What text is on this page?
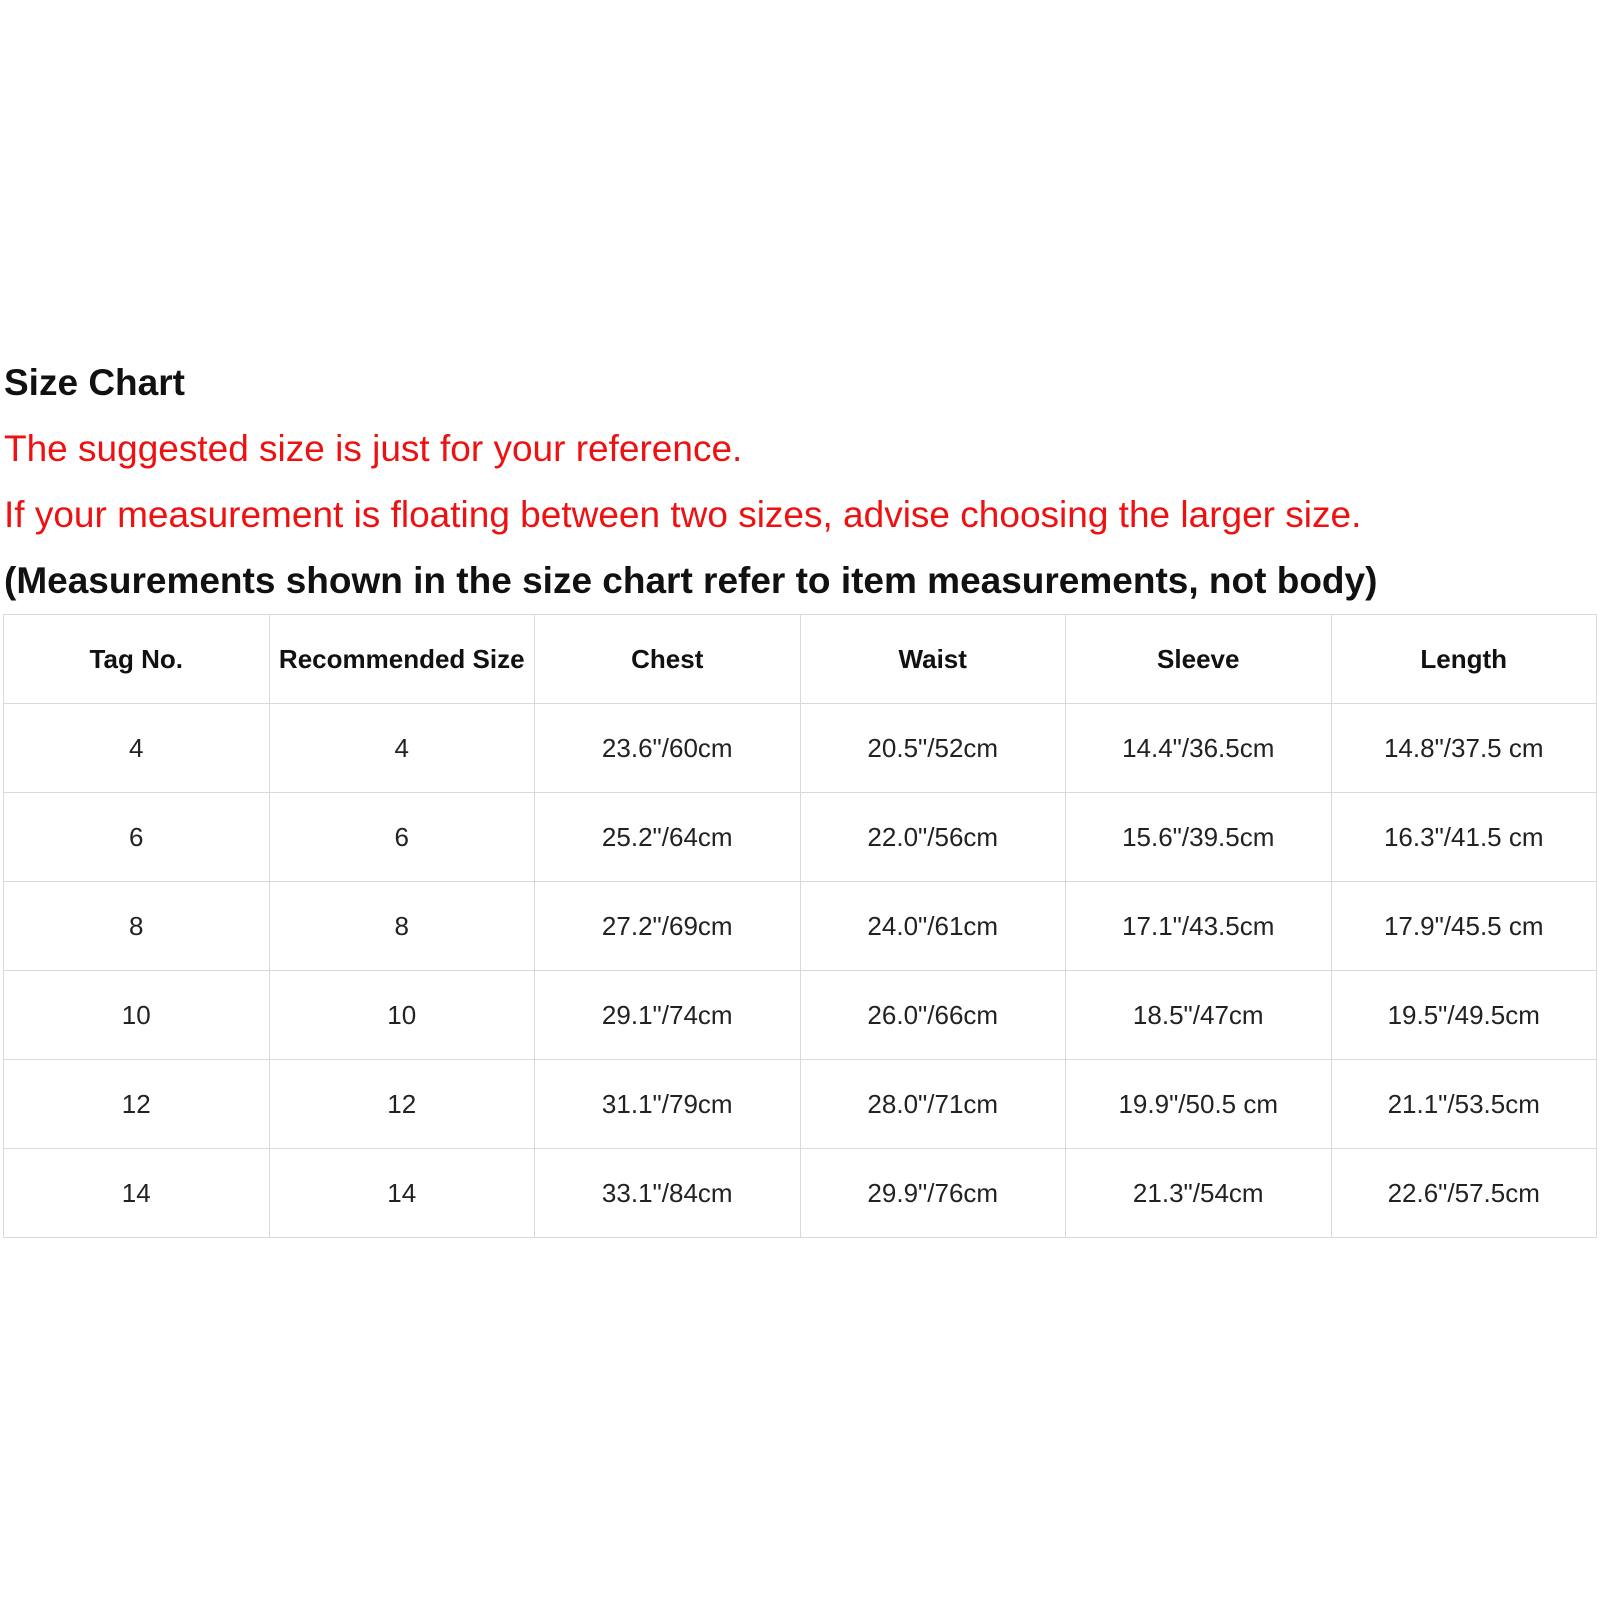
Size Chart
The suggested size is just for your reference.
If your measurement is floating between two sizes, advise choosing the larger size.
(Measurements shown in the size chart refer to item measurements, not body)
Tag No.	Recommended Size	Chest	Waist	Sleeve	Length
4	4	23.6"/60cm	20.5"/52cm	14.4"/36.5cm	14.8"/37.5 cm
6	6	25.2"/64cm	22.0"/56cm	15.6"/39.5cm	16.3"/41.5 cm
8	8	27.2"/69cm	24.0"/61cm	17.1"/43.5cm	17.9"/45.5 cm
10	10	29.1"/74cm	26.0"/66cm	18.5"/47cm	19.5"/49.5cm
12	12	31.1"/79cm	28.0"/71cm	19.9"/50.5 cm	21.1"/53.5cm
14	14	33.1"/84cm	29.9"/76cm	21.3"/54cm	22.6"/57.5cm
